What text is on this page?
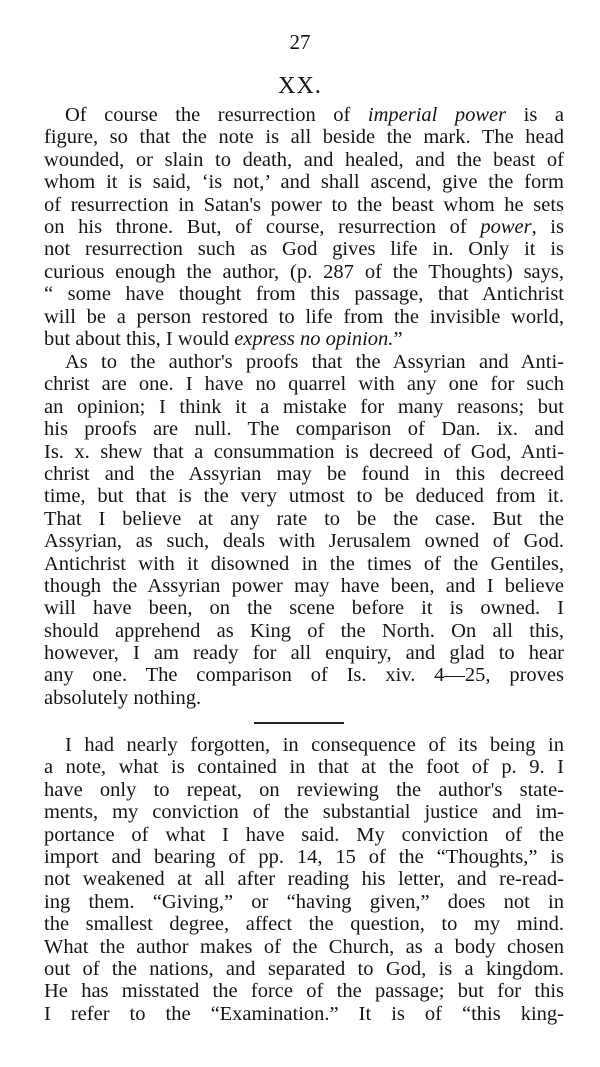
27
XX.
Of course the resurrection of imperial power is a
figure, so that the note is all beside the mark. The head
wounded, or slain to death, and healed, and the beast of
whom it is said, ‘is not,’ and shall ascend, give the form
of resurrection in Satan's power to the beast whom he sets
on his throne. But, of course, resurrection of power, is
not resurrection such as God gives life in. Only it is
curious enough the author, (p. 287 of the Thoughts) says,
“ some have thought from this passage, that Antichrist
will be a person restored to life from the invisible world,
but about this, I would express no opinion.”
As to the author's proofs that the Assyrian and Anti-
christ are one. I have no quarrel with any one for such
an opinion; I think it a mistake for many reasons; but
his proofs are null. The comparison of Dan. ix. and
Is. x. shew that a consummation is decreed of God, Anti-
christ and the Assyrian may be found in this decreed
time, but that is the very utmost to be deduced from it.
That I believe at any rate to be the case. But the
Assyrian, as such, deals with Jerusalem owned of God.
Antichrist with it disowned in the times of the Gentiles,
though the Assyrian power may have been, and I believe
will have been, on the scene before it is owned. I
should apprehend as King of the North. On all this,
however, I am ready for all enquiry, and glad to hear
any one. The comparison of Is. xiv. 4—25, proves
absolutely nothing.
I had nearly forgotten, in consequence of its being in
a note, what is contained in that at the foot of p. 9. I
have only to repeat, on reviewing the author's state-
ments, my conviction of the substantial justice and im-
portance of what I have said. My conviction of the
import and bearing of pp. 14, 15 of the “Thoughts,” is
not weakened at all after reading his letter, and re-read-
ing them. “Giving,” or “having given,” does not in
the smallest degree, affect the question, to my mind.
What the author makes of the Church, as a body chosen
out of the nations, and separated to God, is a kingdom.
He has misstated the force of the passage; but for this
I refer to the “Examination.” It is of “this king-
